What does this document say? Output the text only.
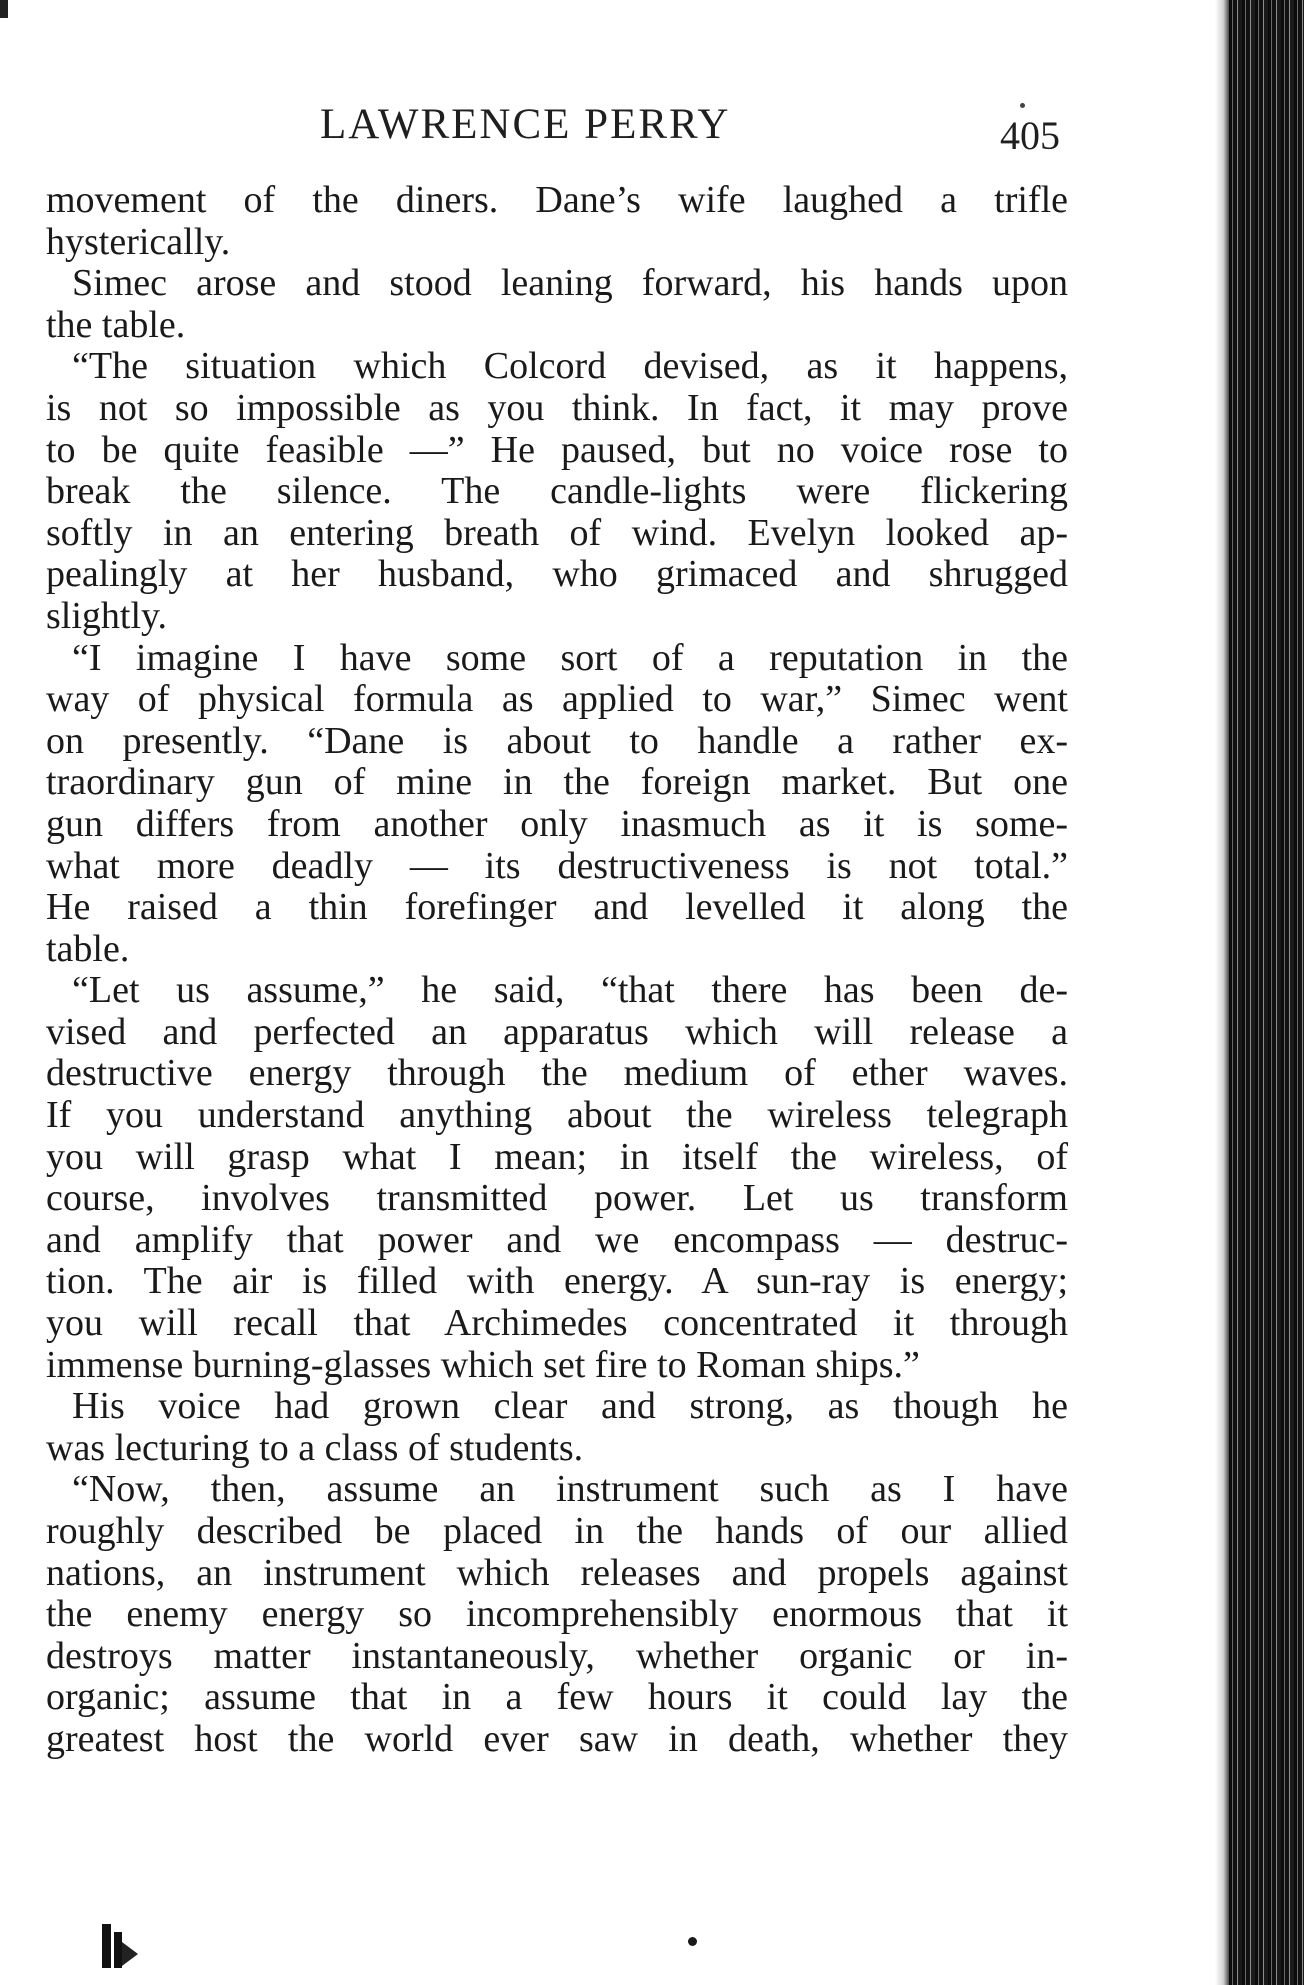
LAWRENCE PERRY	405
movement of the diners. Dane’s wife laughed a trifle
hysterically.
Simec arose and stood leaning forward, his hands upon
the table.
“The situation which Colcord devised, as it happens,
is not so impossible as you think. In fact, it may prove
to be quite feasible —” He paused, but no voice rose to
break the silence. The candle-lights were flickering
softly in an entering breath of wind. Evelyn looked ap-
pealingly at her husband, who grimaced and shrugged
slightly.
“I imagine I have some sort of a reputation in the
way of physical formula as applied to war,” Simec went
on presently. “Dane is about to handle a rather ex-
traordinary gun of mine in the foreign market. But one
gun differs from another only inasmuch as it is some-
what more deadly — its destructiveness is not total.”
He raised a thin forefinger and levelled it along the
table.
“Let us assume,” he said, “that there has been de-
vised and perfected an apparatus which will release a
destructive energy through the medium of ether waves.
If you understand anything about the wireless telegraph
you will grasp what I mean; in itself the wireless, of
course, involves transmitted power. Let us transform
and amplify that power and we encompass — destruc-
tion. The air is filled with energy. A sun-ray is energy;
you will recall that Archimedes concentrated it through
immense burning-glasses which set fire to Roman ships.”
His voice had grown clear and strong, as though he
was lecturing to a class of students.
“Now, then, assume an instrument such as I have
roughly described be placed in the hands of our allied
nations, an instrument which releases and propels against
the enemy energy so incomprehensibly enormous that it
destroys matter instantaneously, whether organic or in-
organic; assume that in a few hours it could lay the
greatest host the world ever saw in death, whether they
